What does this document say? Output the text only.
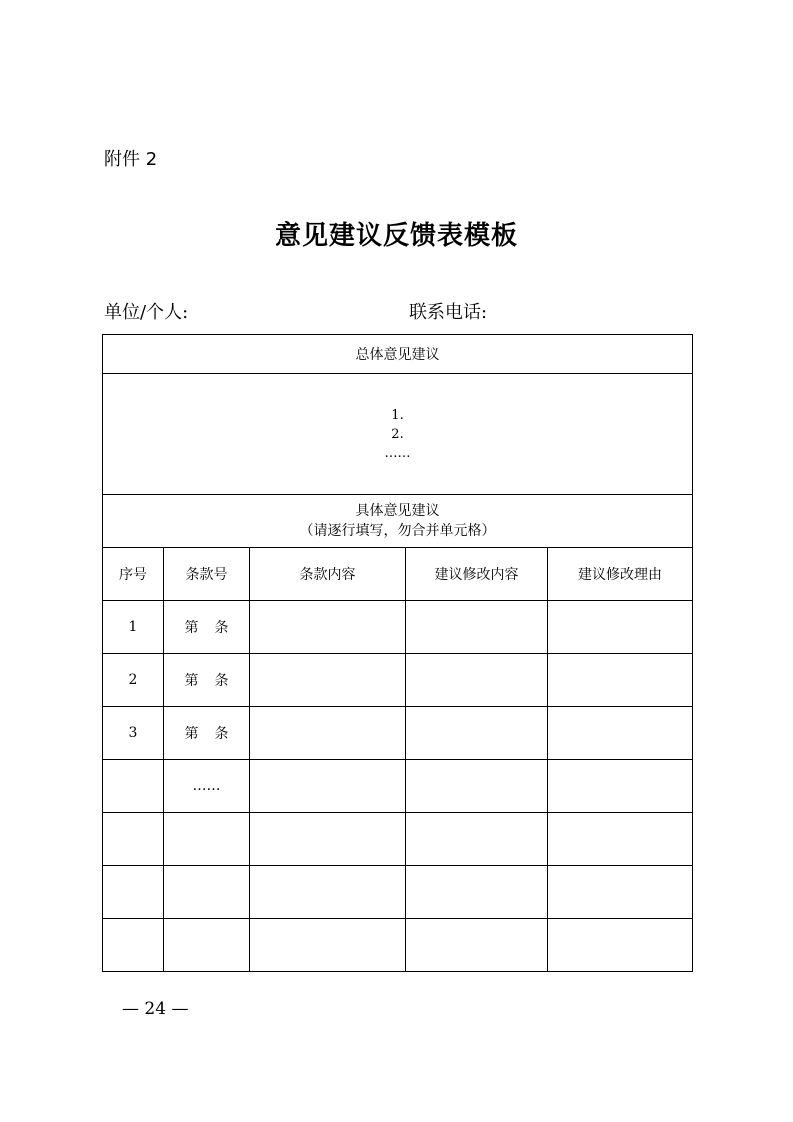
附件 2
意见建议反馈表模板
单位/个人:	联系电话:
总体意见建议				

1.
2.
……				

具体意见建议
（请逐行填写，勿合并单元格）				

序号	条款号	条款内容	建议修改内容	建议修改理由
1	第条			
2	第条			
3	第条			
	……			

— 24 —
